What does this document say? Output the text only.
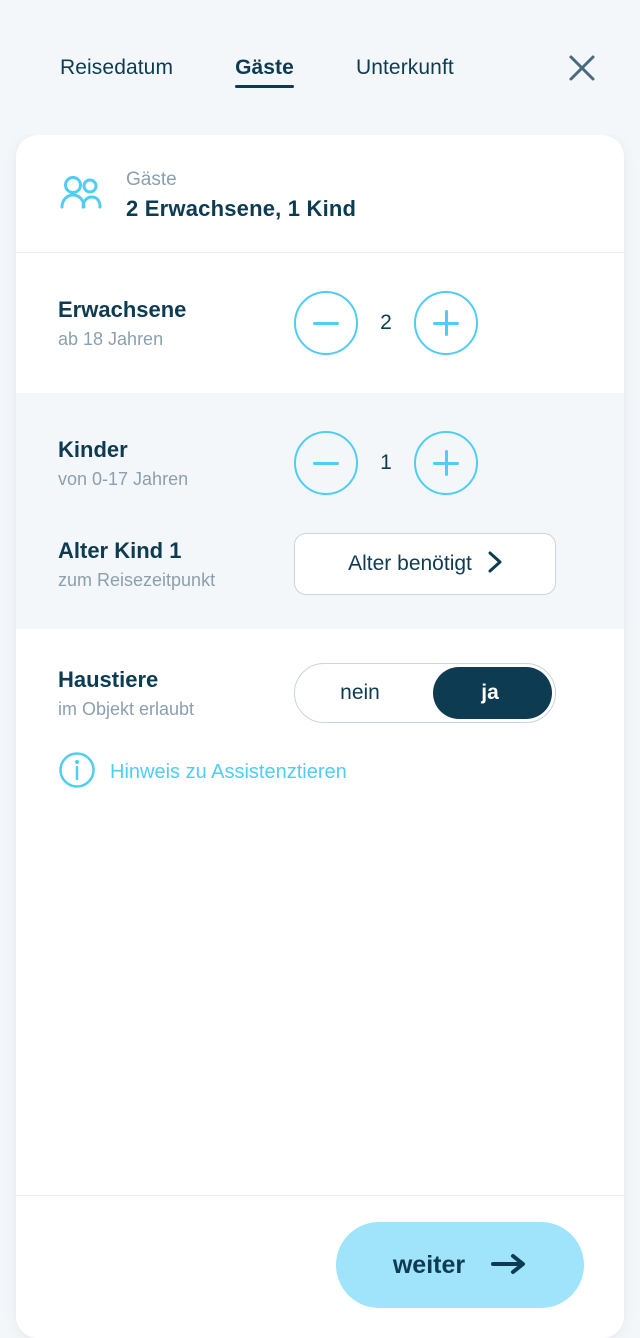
Reisedatum	Gäste	Unterkunft
Gäste
2 Erwachsene, 1 Kind
Erwachsene
ab 18 Jahren
2
Kinder
von 0-17 Jahren
1
Alter Kind 1
zum Reisezeitpunkt
Alter benötigt
Haustiere
im Objekt erlaubt
nein	ja
Hinweis zu Assistenztieren
weiter
